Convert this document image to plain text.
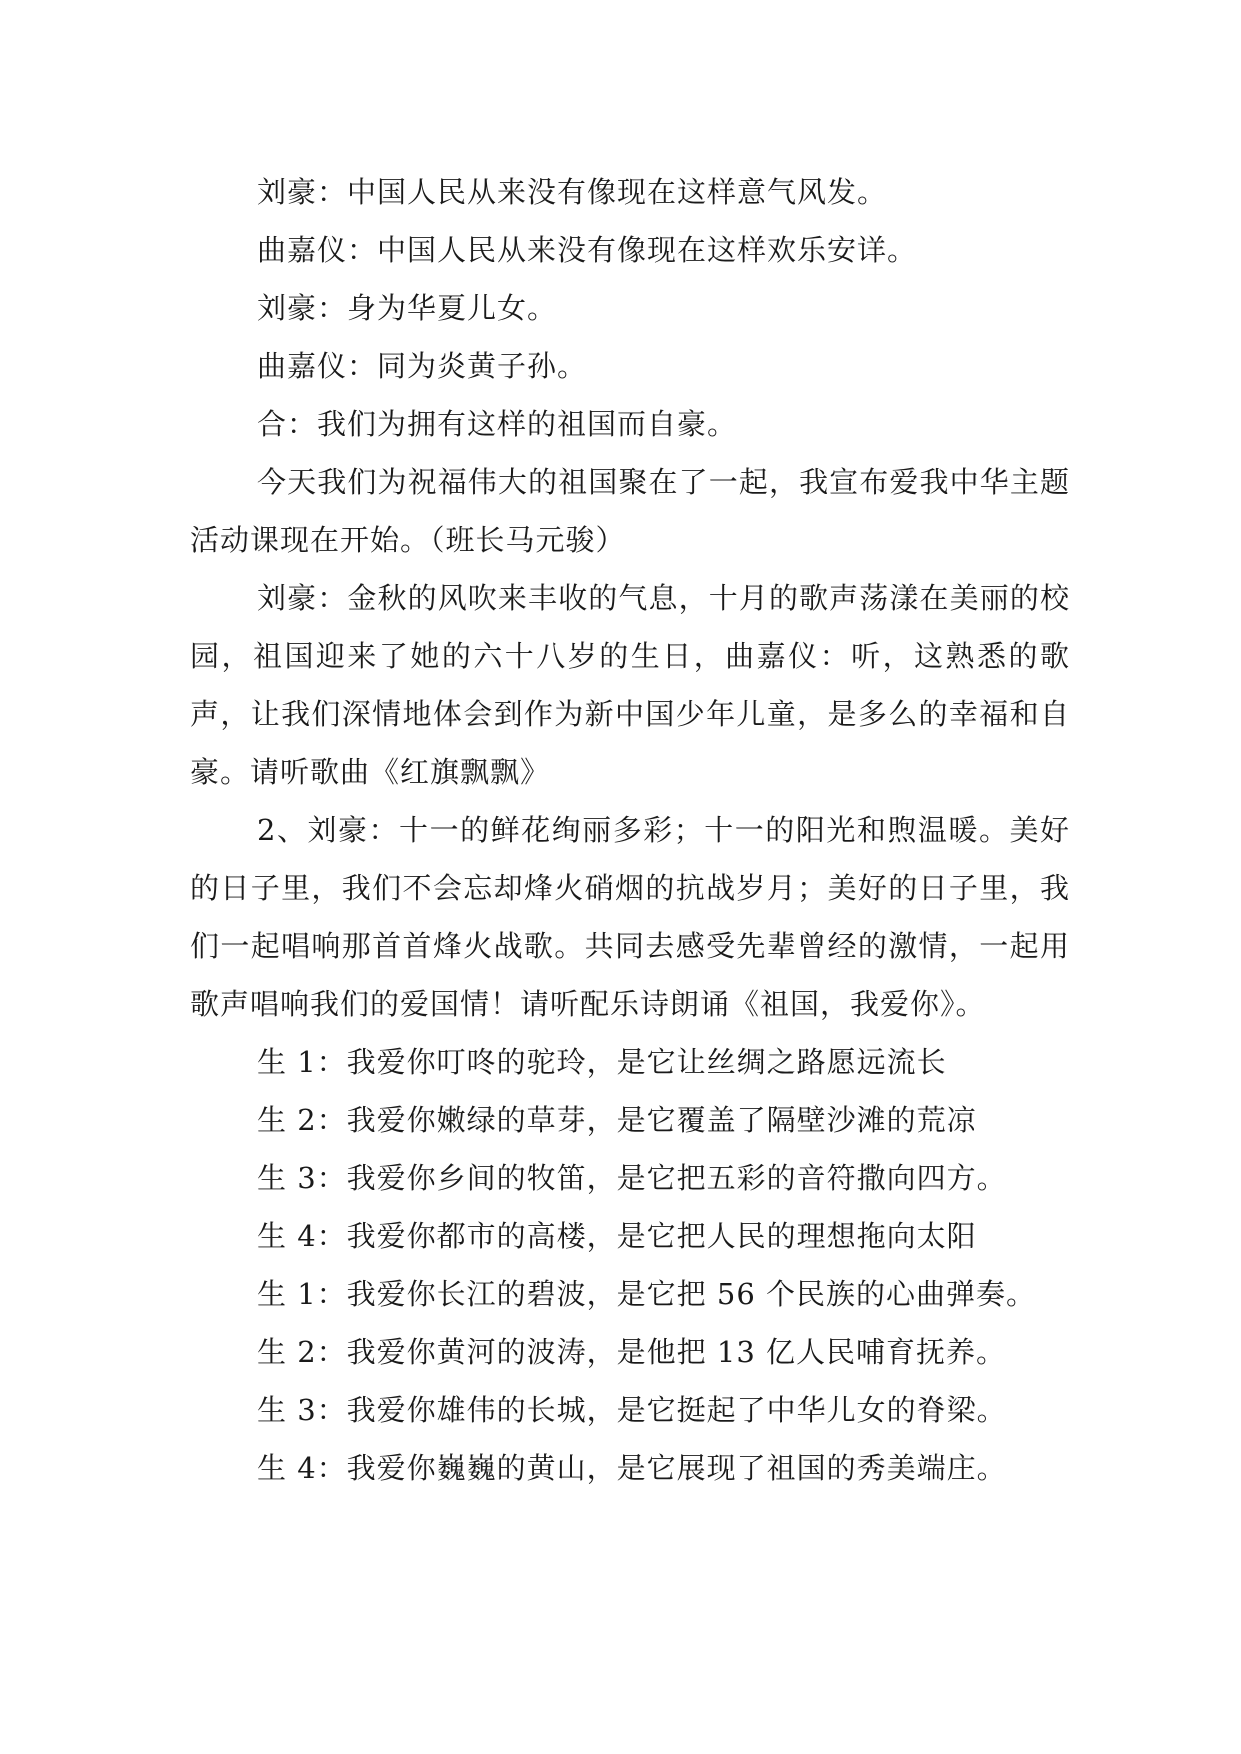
刘豪：中国人民从来没有像现在这样意气风发。

曲嘉仪：中国人民从来没有像现在这样欢乐安详。

刘豪：身为华夏儿女。

曲嘉仪：同为炎黄子孙。

合：我们为拥有这样的祖国而自豪。

今天我们为祝福伟大的祖国聚在了一起，我宣布爱我中华主题活动课现在开始。（班长马元骏）

刘豪：金秋的风吹来丰收的气息，十月的歌声荡漾在美丽的校园，祖国迎来了她的六十八岁的生日，曲嘉仪：听，这熟悉的歌声，让我们深情地体会到作为新中国少年儿童，是多么的幸福和自豪。请听歌曲《红旗飘飘》

2、刘豪：十一的鲜花绚丽多彩；十一的阳光和煦温暖。美好的日子里，我们不会忘却烽火硝烟的抗战岁月；美好的日子里，我们一起唱响那首首烽火战歌。共同去感受先辈曾经的激情，一起用歌声唱响我们的爱国情！请听配乐诗朗诵《祖国，我爱你》。

生 1：我爱你叮咚的驼玲，是它让丝绸之路愿远流长

生 2：我爱你嫩绿的草芽，是它覆盖了隔壁沙滩的荒凉

生 3：我爱你乡间的牧笛，是它把五彩的音符撒向四方。

生 4：我爱你都市的高楼，是它把人民的理想拖向太阳

生 1：我爱你长江的碧波，是它把 56 个民族的心曲弹奏。

生 2：我爱你黄河的波涛，是他把 13 亿人民哺育抚养。

生 3：我爱你雄伟的长城，是它挺起了中华儿女的脊梁。

生 4：我爱你巍巍的黄山，是它展现了祖国的秀美端庄。
